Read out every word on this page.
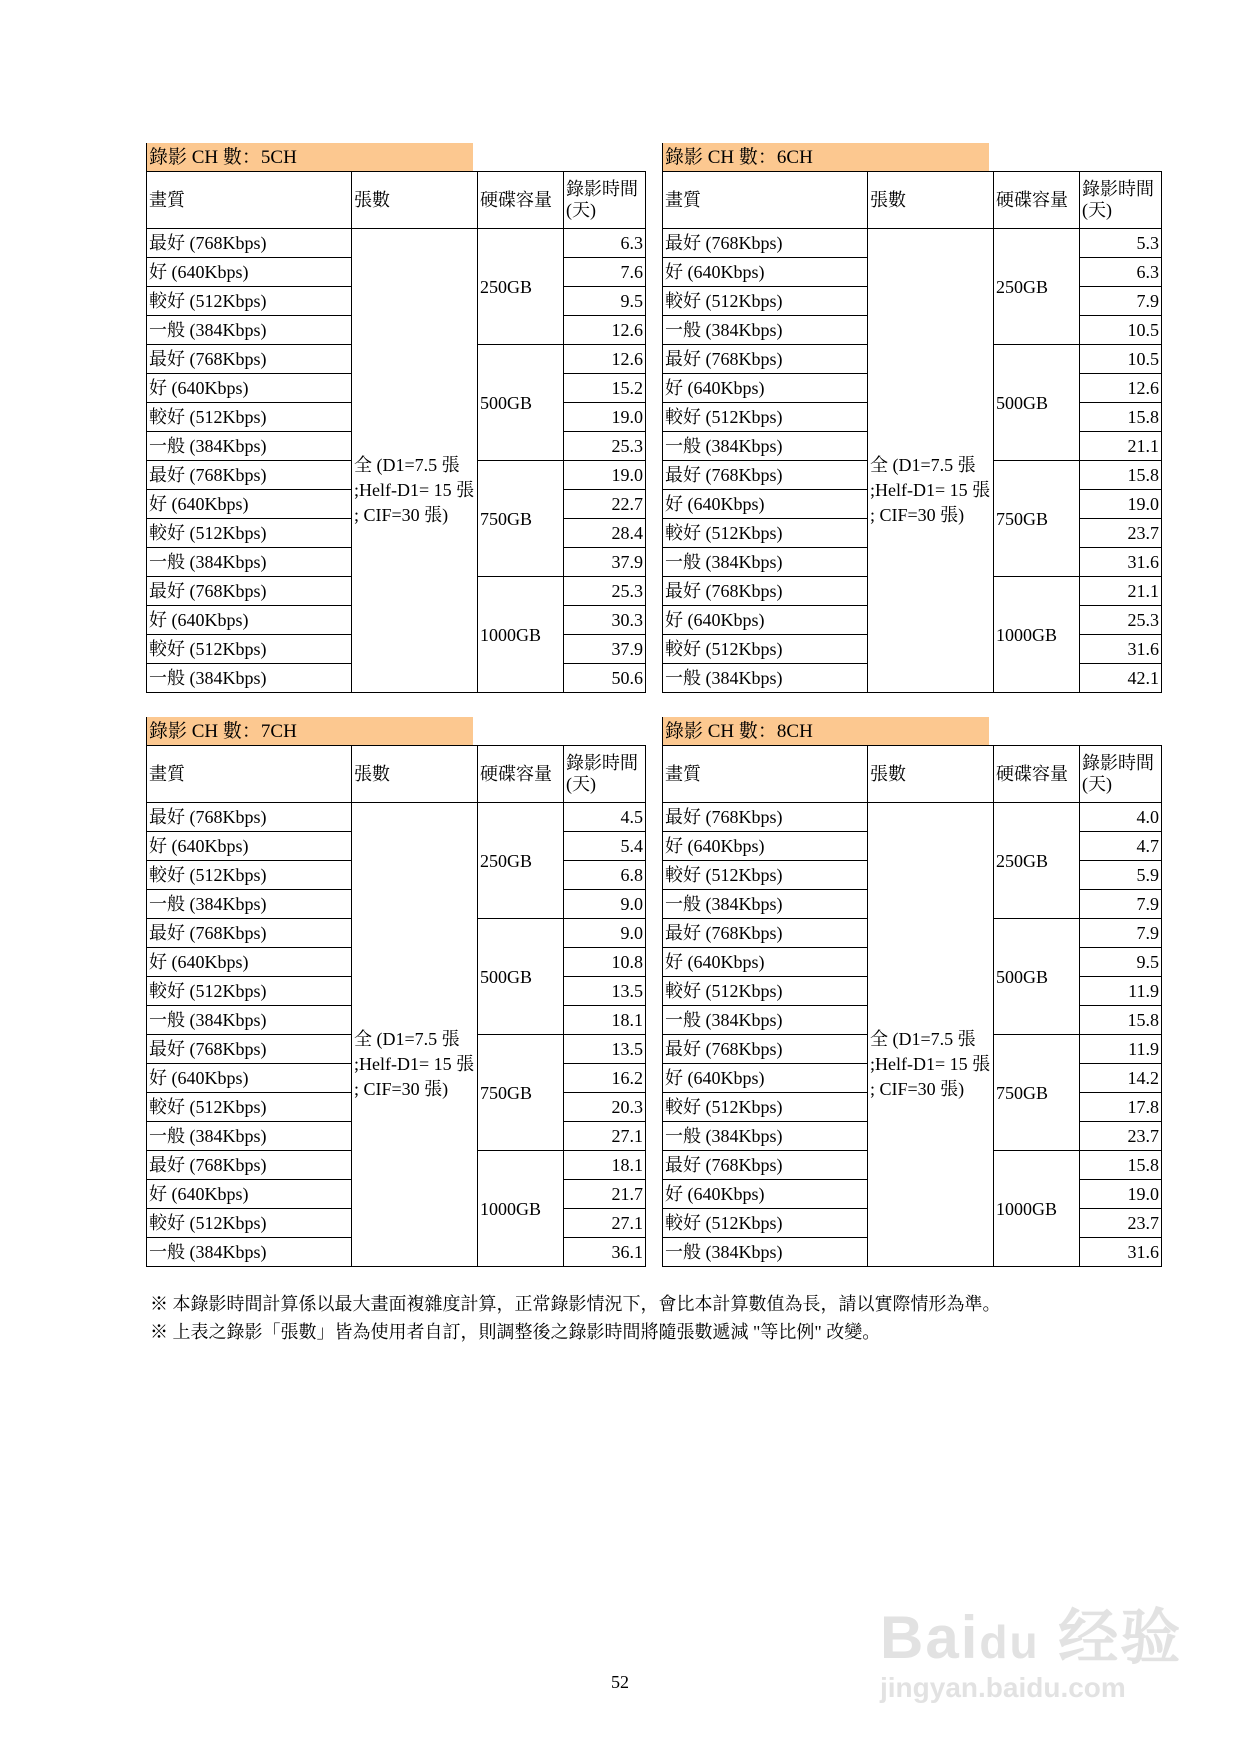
錄影 CH 數：5CH
畫質	張數	硬碟容量	錄影時間(天)
最好 (768Kbps)	全 (D1=7.5 張 ;Helf-D1= 15 張 ; CIF=30 張)	250GB	6.3
好 (640Kbps)			7.6
較好 (512Kbps)			9.5
一般 (384Kbps)			12.6
最好 (768Kbps)		500GB	12.6
好 (640Kbps)			15.2
較好 (512Kbps)			19.0
一般 (384Kbps)			25.3
最好 (768Kbps)		750GB	19.0
好 (640Kbps)			22.7
較好 (512Kbps)			28.4
一般 (384Kbps)			37.9
最好 (768Kbps)		1000GB	25.3
好 (640Kbps)			30.3
較好 (512Kbps)			37.9
一般 (384Kbps)			50.6
錄影 CH 數：6CH
畫質	張數	硬碟容量	錄影時間(天)
最好 (768Kbps)	全 (D1=7.5 張 ;Helf-D1= 15 張 ; CIF=30 張)	250GB	5.3
好 (640Kbps)			6.3
較好 (512Kbps)			7.9
一般 (384Kbps)			10.5
最好 (768Kbps)		500GB	10.5
好 (640Kbps)			12.6
較好 (512Kbps)			15.8
一般 (384Kbps)			21.1
最好 (768Kbps)		750GB	15.8
好 (640Kbps)			19.0
較好 (512Kbps)			23.7
一般 (384Kbps)			31.6
最好 (768Kbps)		1000GB	21.1
好 (640Kbps)			25.3
較好 (512Kbps)			31.6
一般 (384Kbps)			42.1
錄影 CH 數：7CH
畫質	張數	硬碟容量	錄影時間(天)
最好 (768Kbps)	全 (D1=7.5 張 ;Helf-D1= 15 張 ; CIF=30 張)	250GB	4.5
好 (640Kbps)			5.4
較好 (512Kbps)			6.8
一般 (384Kbps)			9.0
最好 (768Kbps)		500GB	9.0
好 (640Kbps)			10.8
較好 (512Kbps)			13.5
一般 (384Kbps)			18.1
最好 (768Kbps)		750GB	13.5
好 (640Kbps)			16.2
較好 (512Kbps)			20.3
一般 (384Kbps)			27.1
最好 (768Kbps)		1000GB	18.1
好 (640Kbps)			21.7
較好 (512Kbps)			27.1
一般 (384Kbps)			36.1
錄影 CH 數：8CH
畫質	張數	硬碟容量	錄影時間(天)
最好 (768Kbps)	全 (D1=7.5 張 ;Helf-D1= 15 張 ; CIF=30 張)	250GB	4.0
好 (640Kbps)			4.7
較好 (512Kbps)			5.9
一般 (384Kbps)			7.9
最好 (768Kbps)		500GB	7.9
好 (640Kbps)			9.5
較好 (512Kbps)			11.9
一般 (384Kbps)			15.8
最好 (768Kbps)		750GB	11.9
好 (640Kbps)			14.2
較好 (512Kbps)			17.8
一般 (384Kbps)			23.7
最好 (768Kbps)		1000GB	15.8
好 (640Kbps)			19.0
較好 (512Kbps)			23.7
一般 (384Kbps)			31.6
※ 本錄影時間計算係以最大畫面複雜度計算，正常錄影情況下，會比本計算數值為長，請以實際情形為準。
※ 上表之錄影「張數」皆為使用者自訂，則調整後之錄影時間將隨張數遞減 "等比例" 改變。
52
Baidu 经验
jingyan.baidu.com
